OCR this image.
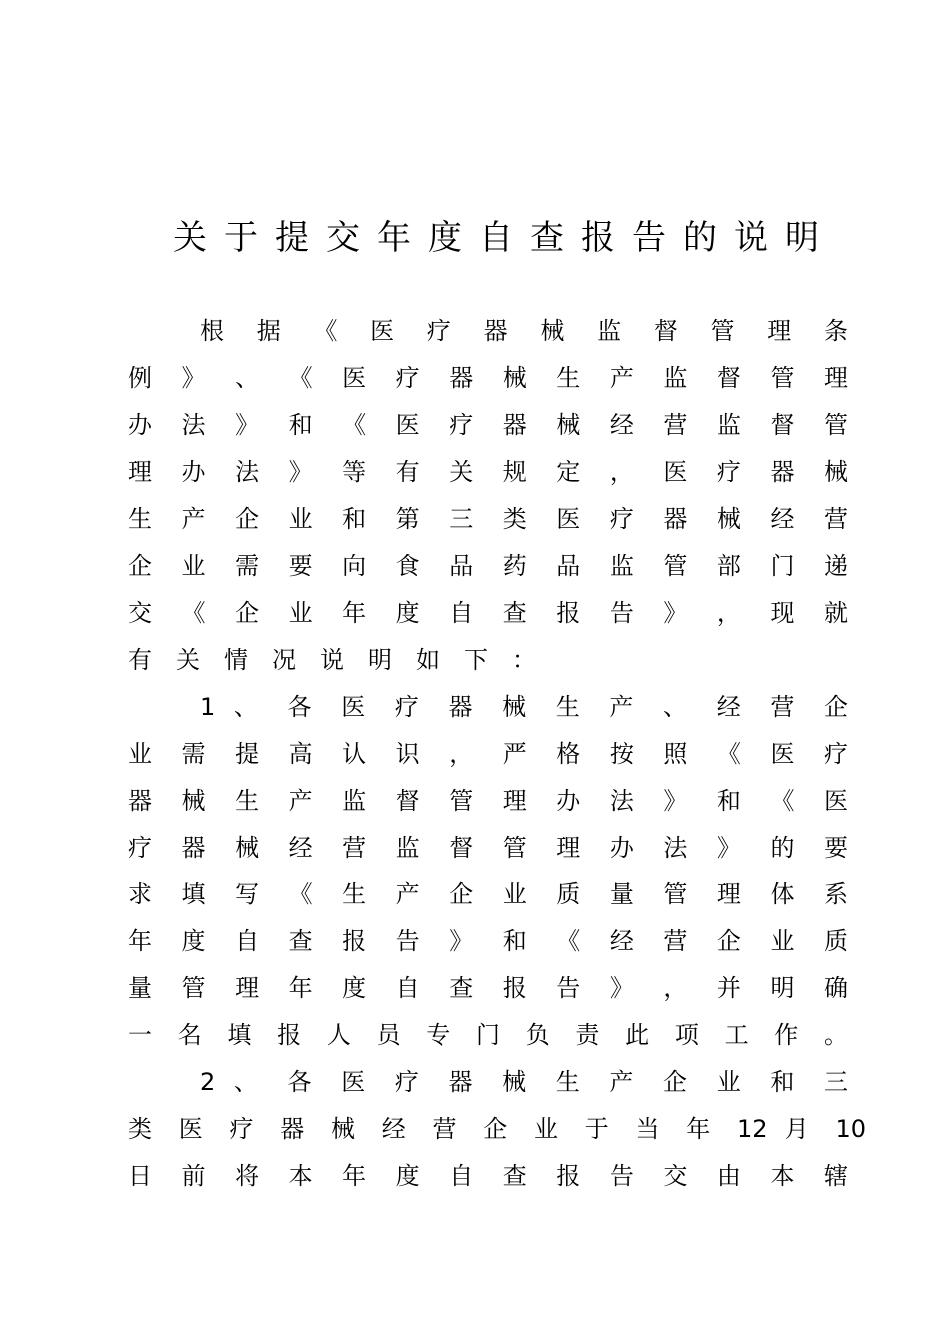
关于提交年度自查报告的说明
根 据 《 医 疗 器 械 监 督 管 理 条
例 》 、 《 医 疗 器 械 生 产 监 督 管 理
办 法 》 和 《 医 疗 器 械 经 营 监 督 管
理 办 法 》 等 有 关 规 定 ， 医 疗 器 械
生 产 企 业 和 第 三 类 医 疗 器 械 经 营
企 业 需 要 向 食 品 药 品 监 管 部 门 递
交 《 企 业 年 度 自 查 报 告 》 ， 现 就
有关情况说明如下：
1 、 各 医 疗 器 械 生 产 、 经 营 企
业 需 提 高 认 识 ， 严 格 按 照 《 医 疗
器 械 生 产 监 督 管 理 办 法 》 和 《 医
疗 器 械 经 营 监 督 管 理 办 法 》 的 要
求 填 写 《 生 产 企 业 质 量 管 理 体 系
年 度 自 查 报 告 》 和 《 经 营 企 业 质
量 管 理 年 度 自 查 报 告 》 ， 并 明 确
一 名 填 报 人 员 专 门 负 责 此 项 工 作 。
2 、 各 医 疗 器 械 生 产 企 业 和 三
类 医 疗 器 械 经 营 企 业 于 当 年 12 月 10
日 前 将 本 年 度 自 查 报 告 交 由 本 辖
